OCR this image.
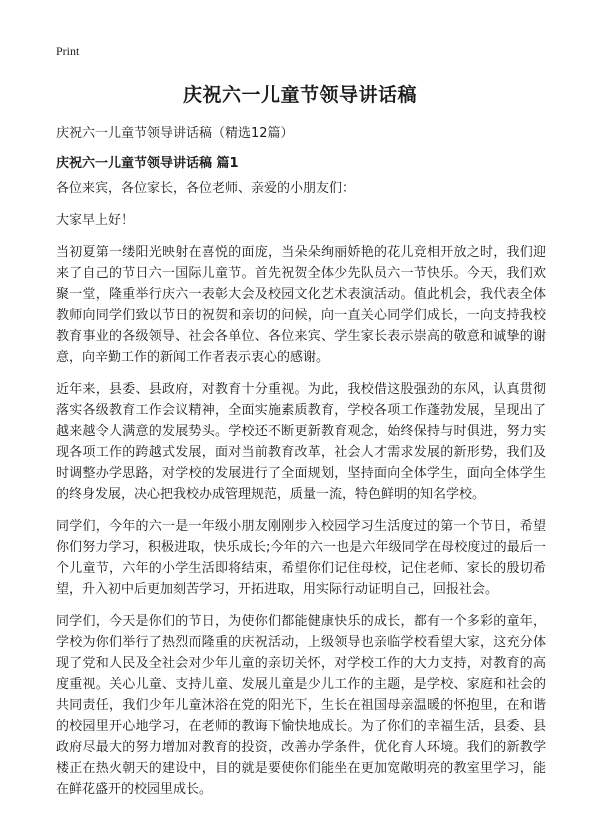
Print
庆祝六一儿童节领导讲话稿

庆祝六一儿童节领导讲话稿（精选12篇）

庆祝六一儿童节领导讲话稿 篇1

各位来宾，各位家长，各位老师、亲爱的小朋友们：

大家早上好！

当初夏第一缕阳光映射在喜悦的面庞，当朵朵绚丽娇艳的花儿竞相开放之时，我们迎来了自己的节日六一国际儿童节。首先祝贺全体少先队员六一节快乐。今天，我们欢聚一堂，隆重举行庆六一表彰大会及校园文化艺术表演活动。值此机会，我代表全体教师向同学们致以节日的祝贺和亲切的问候，向一直关心同学们成长，一向支持我校教育事业的各级领导、社会各单位、各位来宾、学生家长表示崇高的敬意和诚挚的谢意，向辛勤工作的新闻工作者表示衷心的感谢。

近年来，县委、县政府，对教育十分重视。为此，我校借这股强劲的东风，认真贯彻落实各级教育工作会议精神，全面实施素质教育，学校各项工作蓬勃发展，呈现出了越来越令人满意的发展势头。学校还不断更新教育观念，始终保持与时俱进，努力实现各项工作的跨越式发展，面对当前教育改革，社会人才需求发展的新形势，我们及时调整办学思路，对学校的发展进行了全面规划，坚持面向全体学生，面向全体学生的终身发展，决心把我校办成管理规范，质量一流，特色鲜明的知名学校。

同学们，今年的六一是一年级小朋友刚刚步入校园学习生活度过的第一个节日，希望你们努力学习，积极进取，快乐成长;今年的六一也是六年级同学在母校度过的最后一个儿童节，六年的小学生活即将结束，希望你们记住母校，记住老师、家长的殷切希望，升入初中后更加刻苦学习，开拓进取，用实际行动证明自己，回报社会。

同学们，今天是你们的节日，为使你们都能健康快乐的成长，都有一个多彩的童年，学校为你们举行了热烈而隆重的庆祝活动，上级领导也亲临学校看望大家，这充分体现了党和人民及全社会对少年儿童的亲切关怀，对学校工作的大力支持，对教育的高度重视。关心儿童、支持儿童、发展儿童是少儿工作的主题，是学校、家庭和社会的共同责任，我们少年儿童沐浴在党的阳光下，生长在祖国母亲温暖的怀抱里，在和谐的校园里开心地学习，在老师的教诲下愉快地成长。为了你们的幸福生活，县委、县政府尽最大的努力增加对教育的投资，改善办学条件，优化育人环境。我们的新教学楼正在热火朝天的建设中，目的就是要使你们能坐在更加宽敞明亮的教室里学习，能在鲜花盛开的校园里成长。
